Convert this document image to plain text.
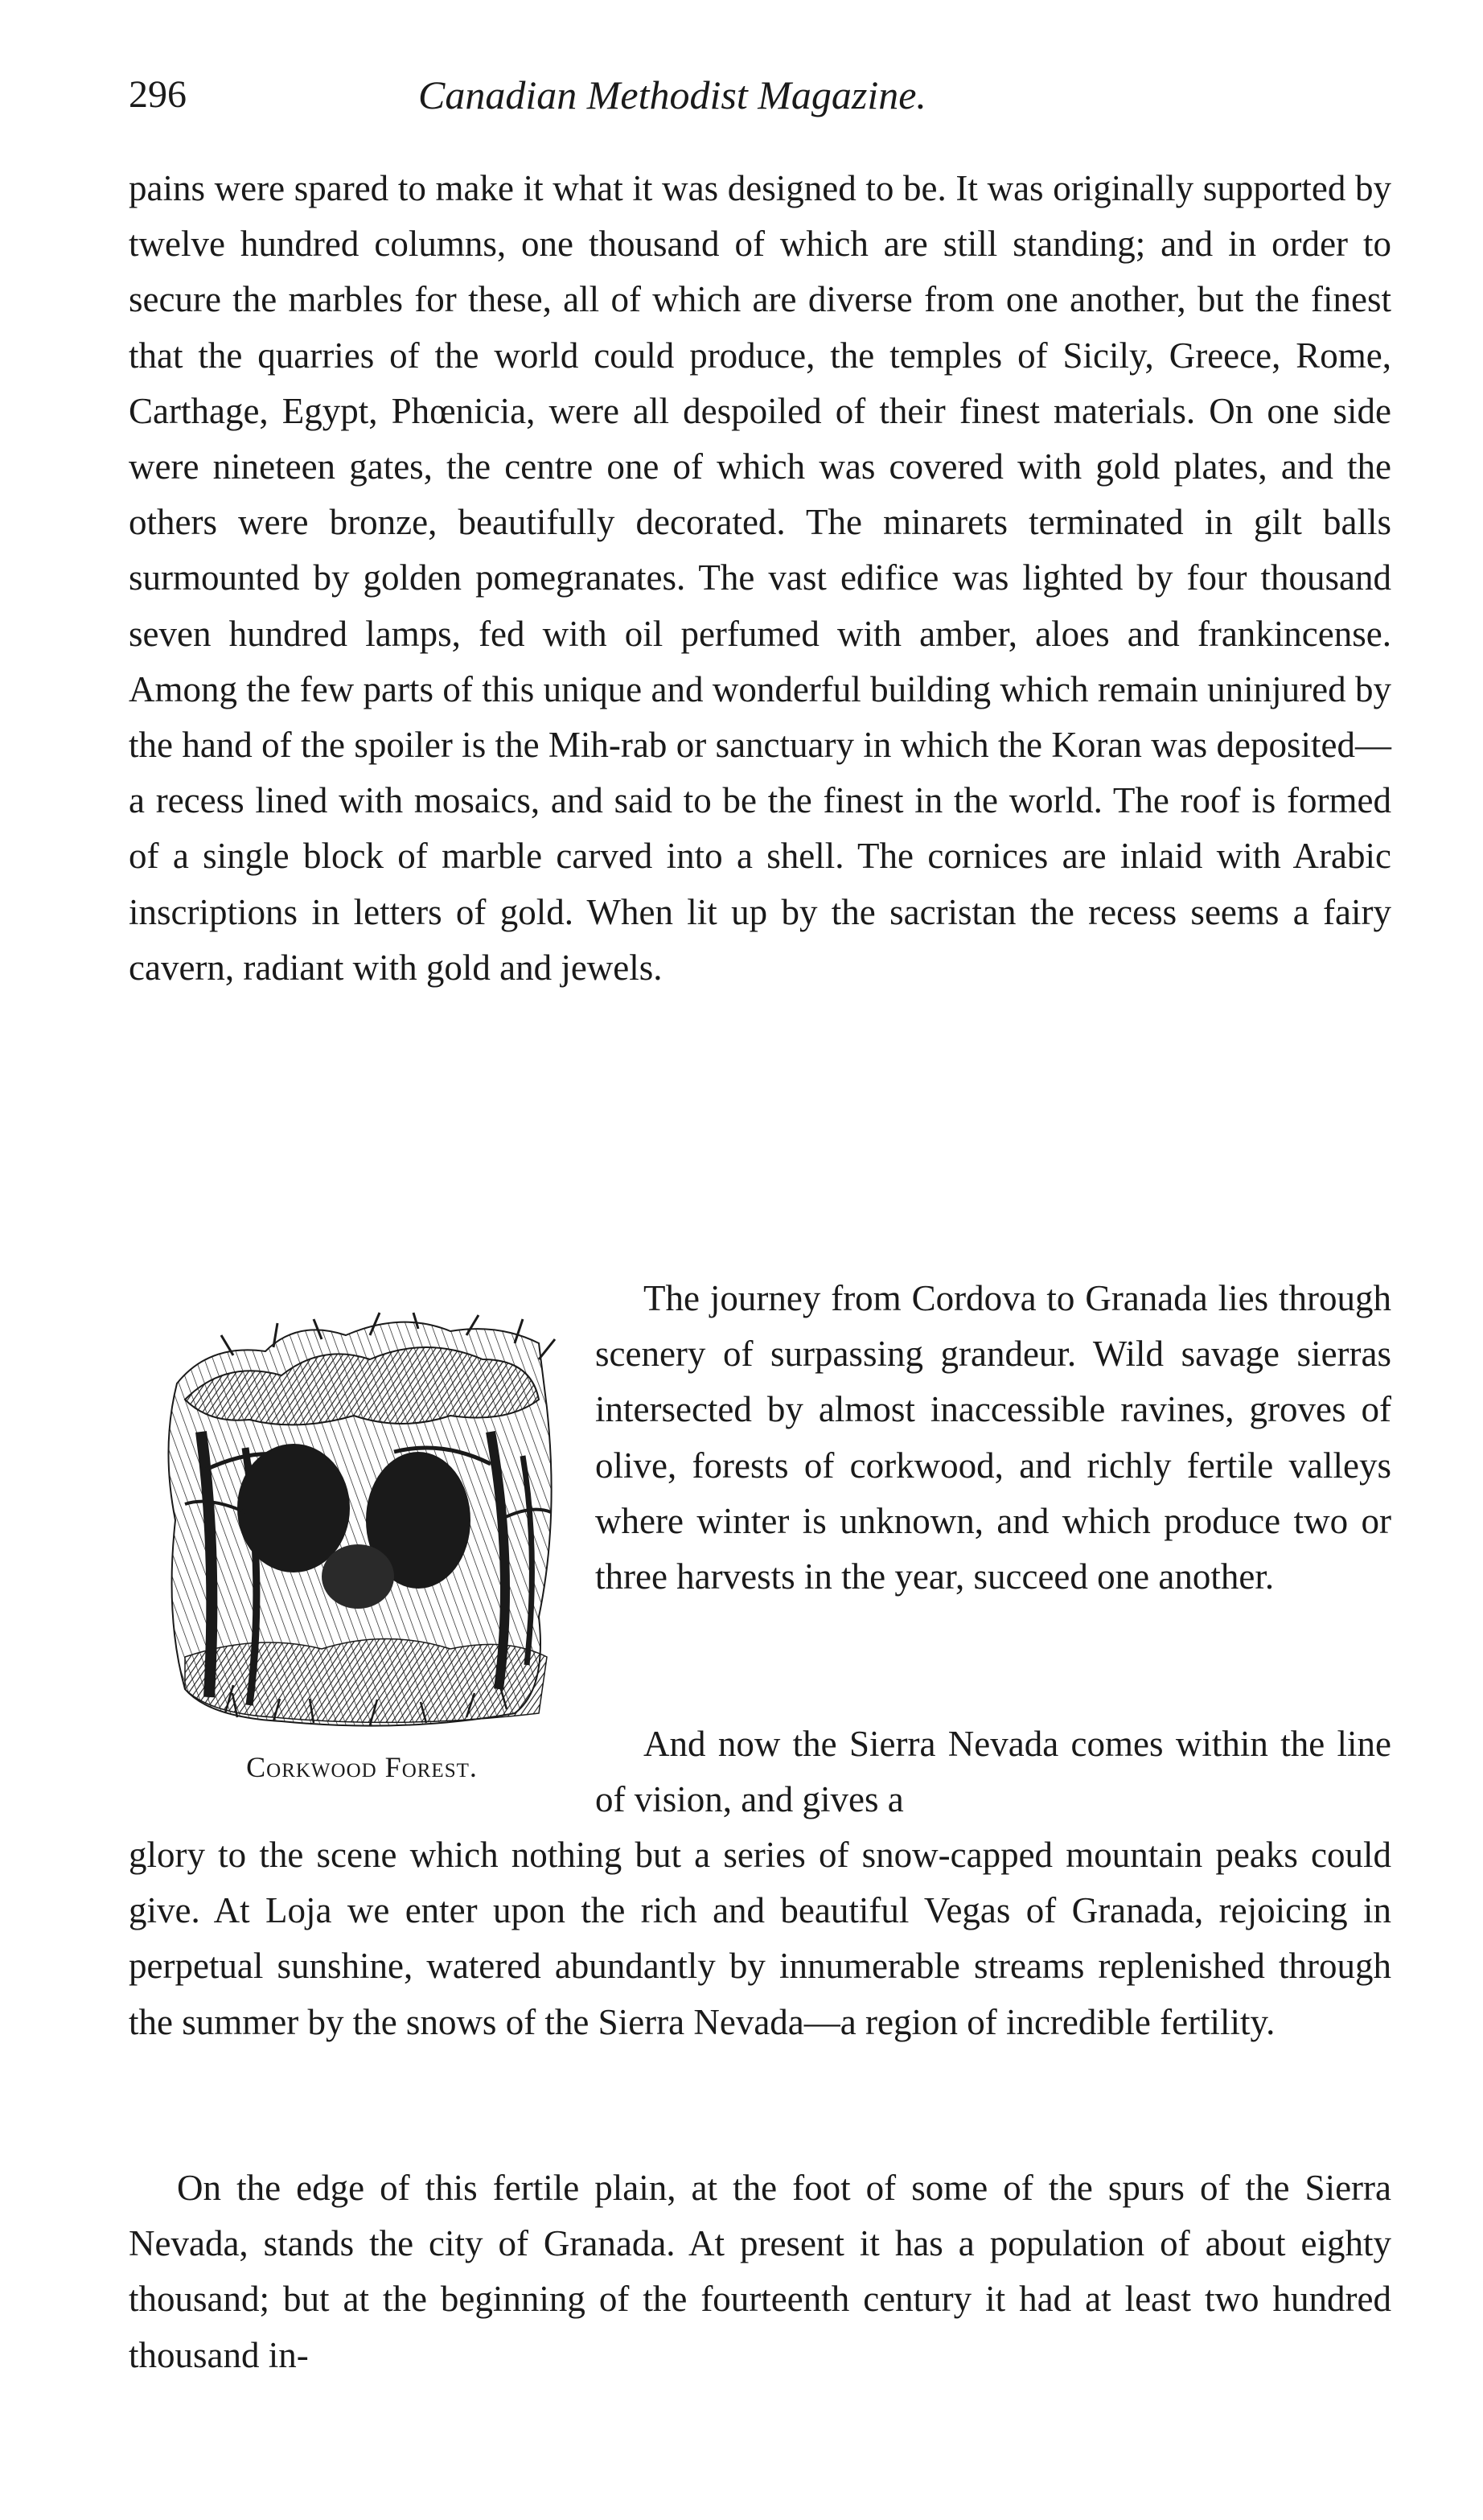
296	Canadian Methodist Magazine.
pains were spared to make it what it was designed to be. It was originally supported by twelve hundred columns, one thousand of which are still standing; and in order to secure the marbles for these, all of which are diverse from one another, but the finest that the quarries of the world could produce, the temples of Sicily, Greece, Rome, Carthage, Egypt, Phœnicia, were all despoiled of their finest materials. On one side were nineteen gates, the centre one of which was covered with gold plates, and the others were bronze, beautifully decorated. The minarets terminated in gilt balls surmounted by golden pomegranates. The vast edifice was lighted by four thousand seven hundred lamps, fed with oil perfumed with amber, aloes and frankincense. Among the few parts of this unique and wonderful building which remain uninjured by the hand of the spoiler is the Mih-rab or sanctuary in which the Koran was deposited—a recess lined with mosaics, and said to be the finest in the world. The roof is formed of a single block of marble carved into a shell. The cornices are inlaid with Arabic inscriptions in letters of gold. When lit up by the sacristan the recess seems a fairy cavern, radiant with gold and jewels.
The journey from Cordova to Granada lies through scenery of surpassing grandeur. Wild savage sierras intersected by almost inaccessible ravines, groves of olive, forests of corkwood, and richly fertile valleys where winter is unknown, and which produce two or three harvests in the year, succeed one another.
Corkwood Forest.
And now the Sierra Nevada comes within the line of vision, and gives a
glory to the scene which nothing but a series of snow-capped mountain peaks could give. At Loja we enter upon the rich and beautiful Vegas of Granada, rejoicing in perpetual sunshine, watered abundantly by innumerable streams replenished through the summer by the snows of the Sierra Nevada—a region of incredible fertility.
On the edge of this fertile plain, at the foot of some of the spurs of the Sierra Nevada, stands the city of Granada. At present it has a population of about eighty thousand; but at the beginning of the fourteenth century it had at least two hundred thousand in-
